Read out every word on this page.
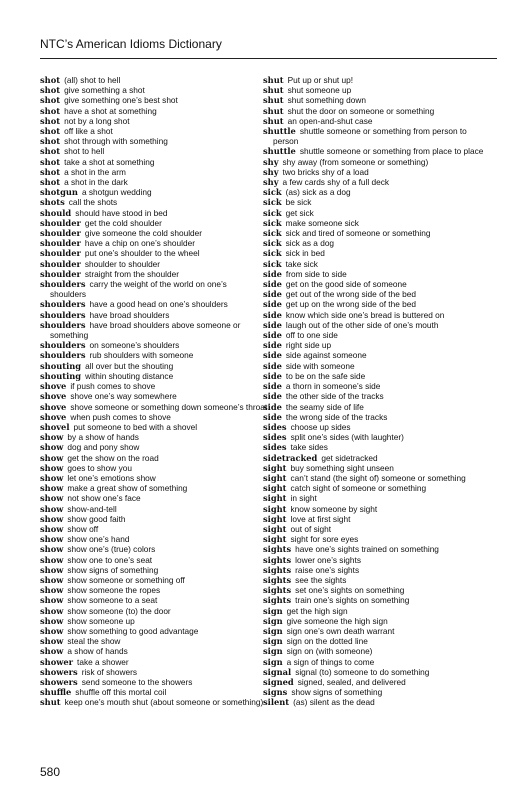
NTC’s American Idioms Dictionary
shot (all) shot to hell
shot give something a shot
shot give something one’s best shot
shot have a shot at something
shot not by a long shot
shot off like a shot
shot shot through with something
shot shot to hell
shot take a shot at something
shot a shot in the arm
shot a shot in the dark
shotgun a shotgun wedding
shots call the shots
should should have stood in bed
shoulder get the cold shoulder
shoulder give someone the cold shoulder
shoulder have a chip on one’s shoulder
shoulder put one’s shoulder to the wheel
shoulder shoulder to shoulder
shoulder straight from the shoulder
shoulders carry the weight of the world on one’s
shoulders
shoulders have a good head on one’s shoulders
shoulders have broad shoulders
shoulders have broad shoulders above someone or
something
shoulders on someone’s shoulders
shoulders rub shoulders with someone
shouting all over but the shouting
shouting within shouting distance
shove if push comes to shove
shove shove one’s way somewhere
shove shove someone or something down someone’s throat
shove when push comes to shove
shovel put someone to bed with a shovel
show by a show of hands
show dog and pony show
show get the show on the road
show goes to show you
show let one’s emotions show
show make a great show of something
show not show one’s face
show show-and-tell
show show good faith
show show off
show show one’s hand
show show one’s (true) colors
show show one to one’s seat
show show signs of something
show show someone or something off
show show someone the ropes
show show someone to a seat
show show someone (to) the door
show show someone up
show show something to good advantage
show steal the show
show a show of hands
shower take a shower
showers risk of showers
showers send someone to the showers
shuffle shuffle off this mortal coil
shut keep one’s mouth shut (about someone or something)
shut Put up or shut up!
shut shut someone up
shut shut something down
shut shut the door on someone or something
shut an open-and-shut case
shuttle shuttle someone or something from person to
person
shuttle shuttle someone or something from place to place
shy shy away (from someone or something)
shy two bricks shy of a load
shy a few cards shy of a full deck
sick (as) sick as a dog
sick be sick
sick get sick
sick make someone sick
sick sick and tired of someone or something
sick sick as a dog
sick sick in bed
sick take sick
side from side to side
side get on the good side of someone
side get out of the wrong side of the bed
side get up on the wrong side of the bed
side know which side one’s bread is buttered on
side laugh out of the other side of one’s mouth
side off to one side
side right side up
side side against someone
side side with someone
side to be on the safe side
side a thorn in someone’s side
side the other side of the tracks
side the seamy side of life
side the wrong side of the tracks
sides choose up sides
sides split one’s sides (with laughter)
sides take sides
sidetracked get sidetracked
sight buy something sight unseen
sight can’t stand (the sight of) someone or something
sight catch sight of someone or something
sight in sight
sight know someone by sight
sight love at first sight
sight out of sight
sight sight for sore eyes
sights have one’s sights trained on something
sights lower one’s sights
sights raise one’s sights
sights see the sights
sights set one’s sights on something
sights train one’s sights on something
sign get the high sign
sign give someone the high sign
sign sign one’s own death warrant
sign sign on the dotted line
sign sign on (with someone)
sign a sign of things to come
signal signal (to) someone to do something
signed signed, sealed, and delivered
signs show signs of something
silent (as) silent as the dead
580
